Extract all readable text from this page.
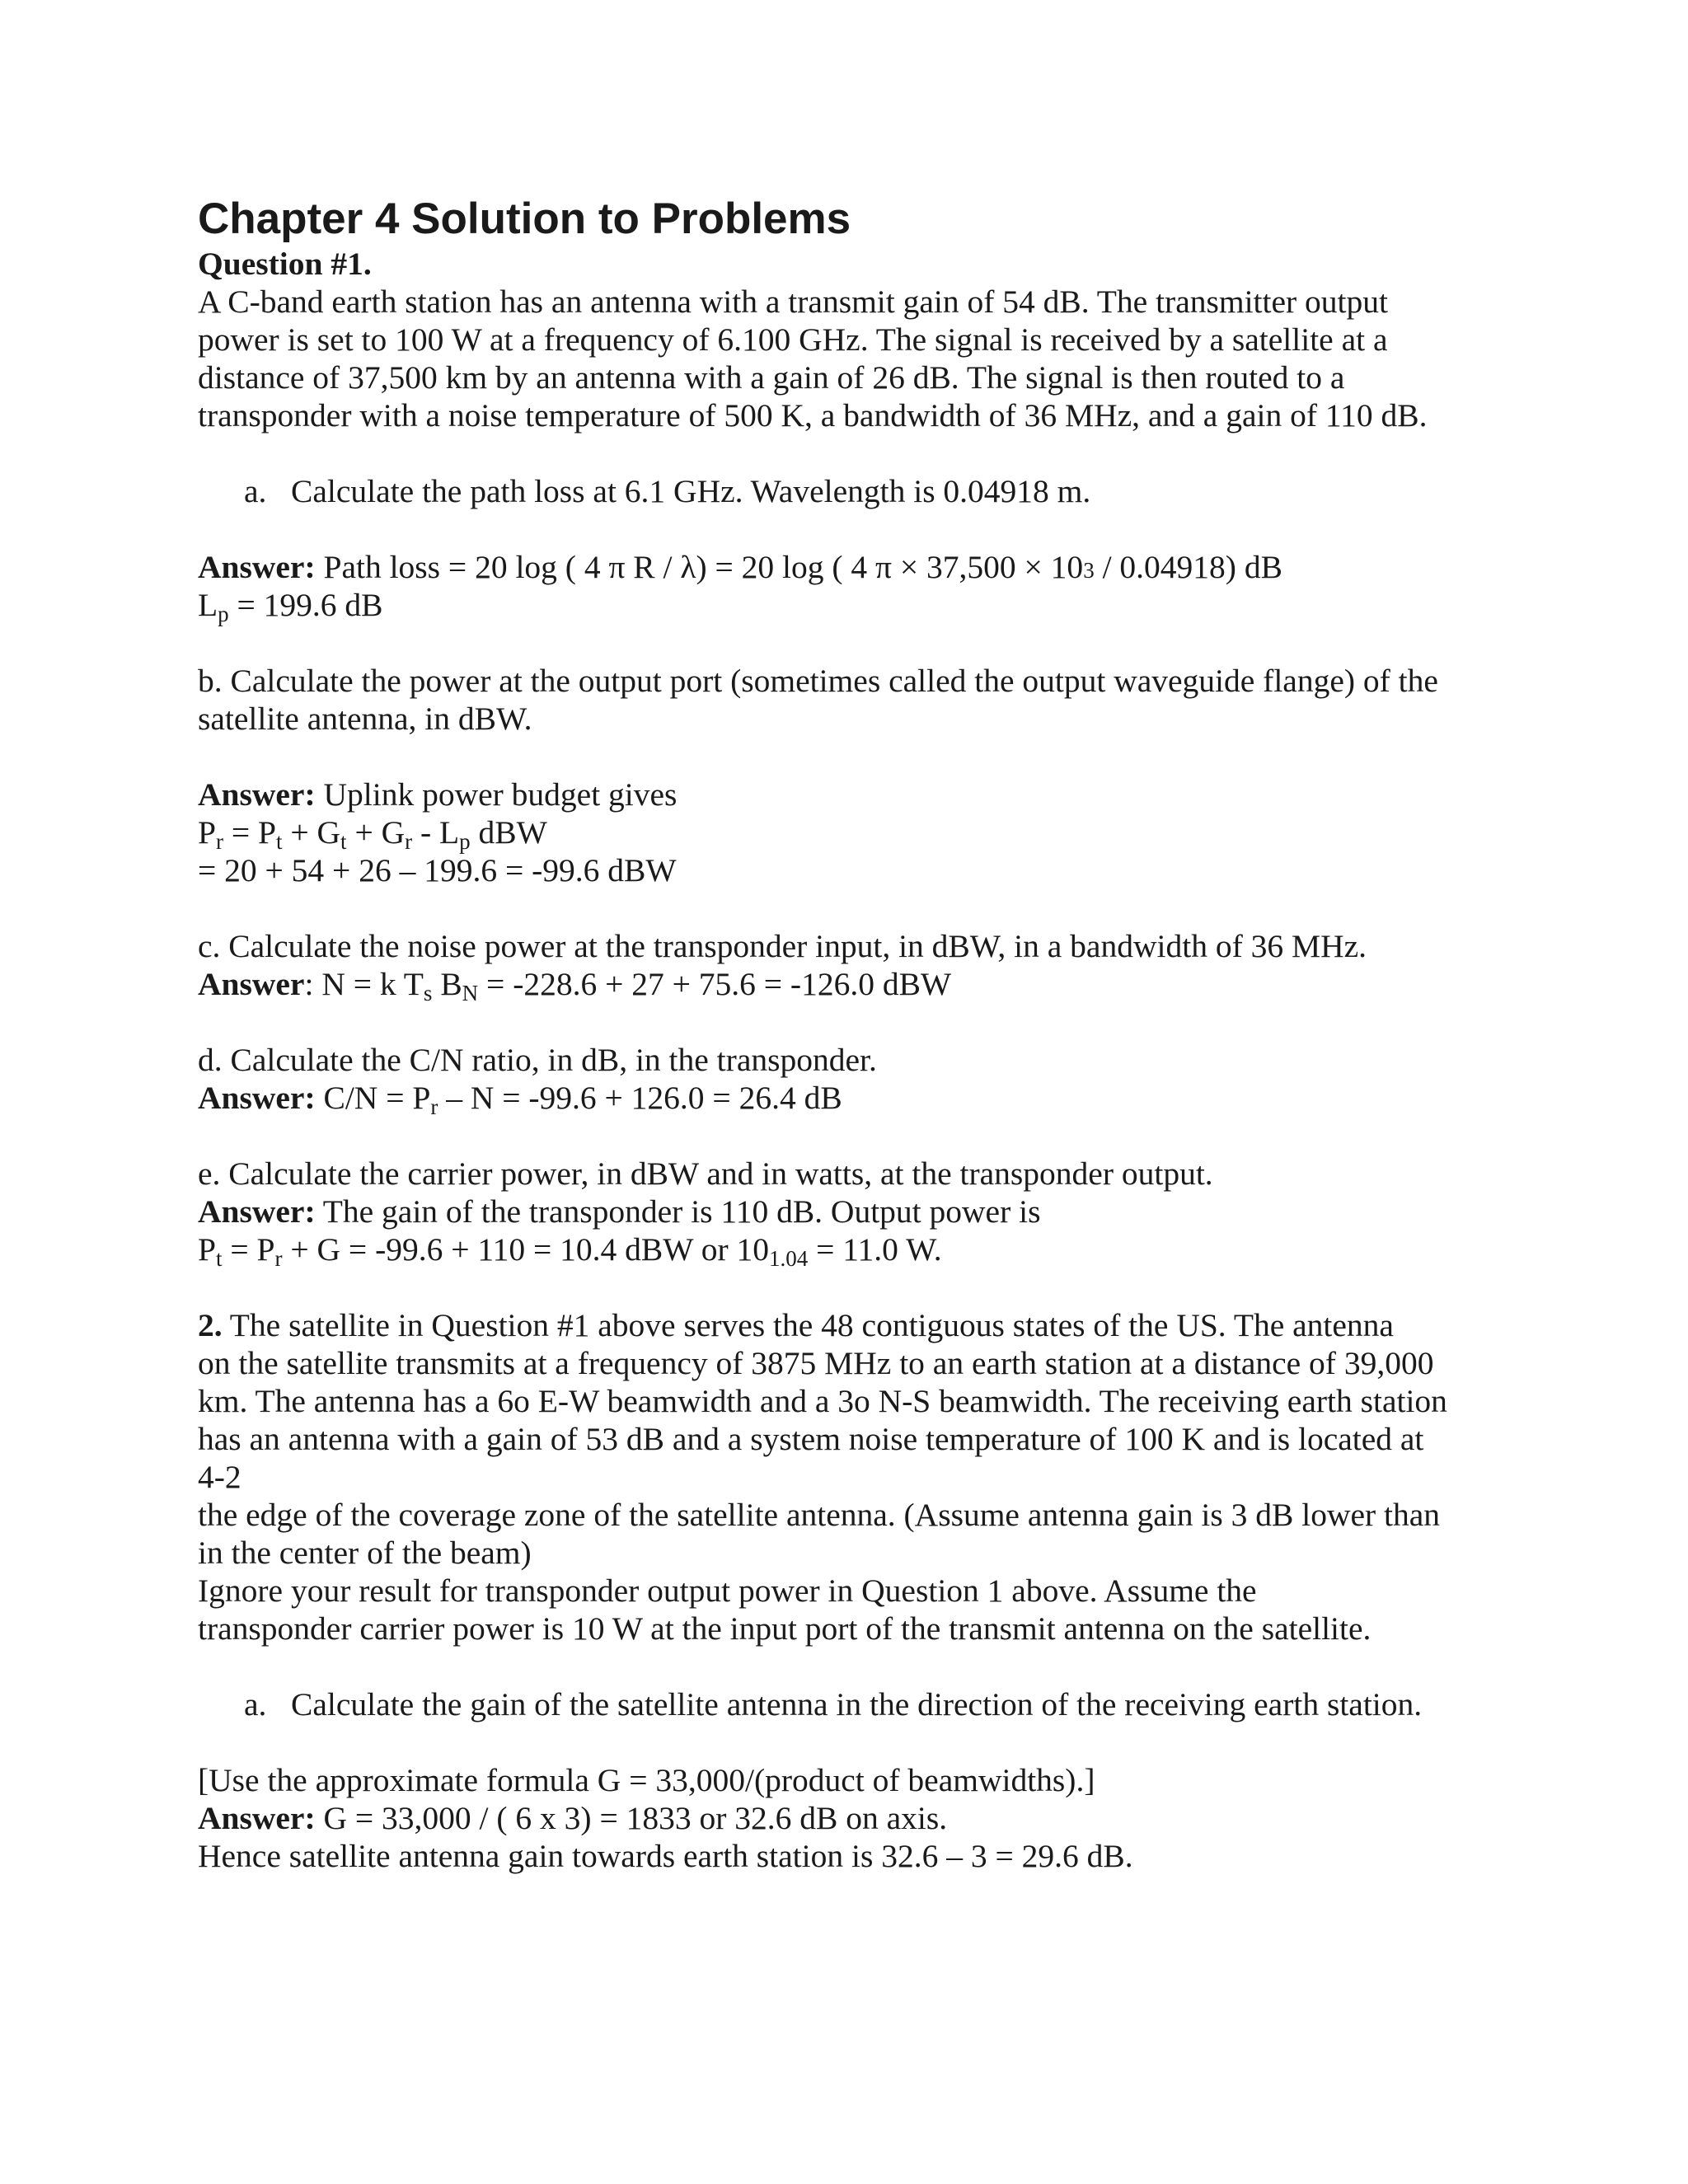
Chapter 4 Solution to Problems
Question #1.
A C-band earth station has an antenna with a transmit gain of 54 dB. The transmitter output
power is set to 100 W at a frequency of 6.100 GHz. The signal is received by a satellite at a
distance of 37,500 km by an antenna with a gain of 26 dB. The signal is then routed to a
transponder with a noise temperature of 500 K, a bandwidth of 36 MHz, and a gain of 110 dB.
a. Calculate the path loss at 6.1 GHz. Wavelength is 0.04918 m.
Answer: Path loss = 20 log ( 4 π R / λ) = 20 log ( 4 π × 37,500 × 103 / 0.04918) dB
Lp = 199.6 dB
b. Calculate the power at the output port (sometimes called the output waveguide flange) of the
satellite antenna, in dBW.
Answer: Uplink power budget gives
Pr = Pt + Gt + Gr - Lp dBW
= 20 + 54 + 26 – 199.6 = -99.6 dBW
c. Calculate the noise power at the transponder input, in dBW, in a bandwidth of 36 MHz.
Answer: N = k Ts BN = -228.6 + 27 + 75.6 = -126.0 dBW
d. Calculate the C/N ratio, in dB, in the transponder.
Answer: C/N = Pr – N = -99.6 + 126.0 = 26.4 dB
e. Calculate the carrier power, in dBW and in watts, at the transponder output.
Answer: The gain of the transponder is 110 dB. Output power is
Pt = Pr + G = -99.6 + 110 = 10.4 dBW or 101.04 = 11.0 W.
2. The satellite in Question #1 above serves the 48 contiguous states of the US. The antenna
on the satellite transmits at a frequency of 3875 MHz to an earth station at a distance of 39,000
km. The antenna has a 6o E-W beamwidth and a 3o N-S beamwidth. The receiving earth station
has an antenna with a gain of 53 dB and a system noise temperature of 100 K and is located at
4-2
the edge of the coverage zone of the satellite antenna. (Assume antenna gain is 3 dB lower than
in the center of the beam)
Ignore your result for transponder output power in Question 1 above. Assume the
transponder carrier power is 10 W at the input port of the transmit antenna on the satellite.
a. Calculate the gain of the satellite antenna in the direction of the receiving earth station.
[Use the approximate formula G = 33,000/(product of beamwidths).]
Answer: G = 33,000 / ( 6 x 3) = 1833 or 32.6 dB on axis.
Hence satellite antenna gain towards earth station is 32.6 – 3 = 29.6 dB.
